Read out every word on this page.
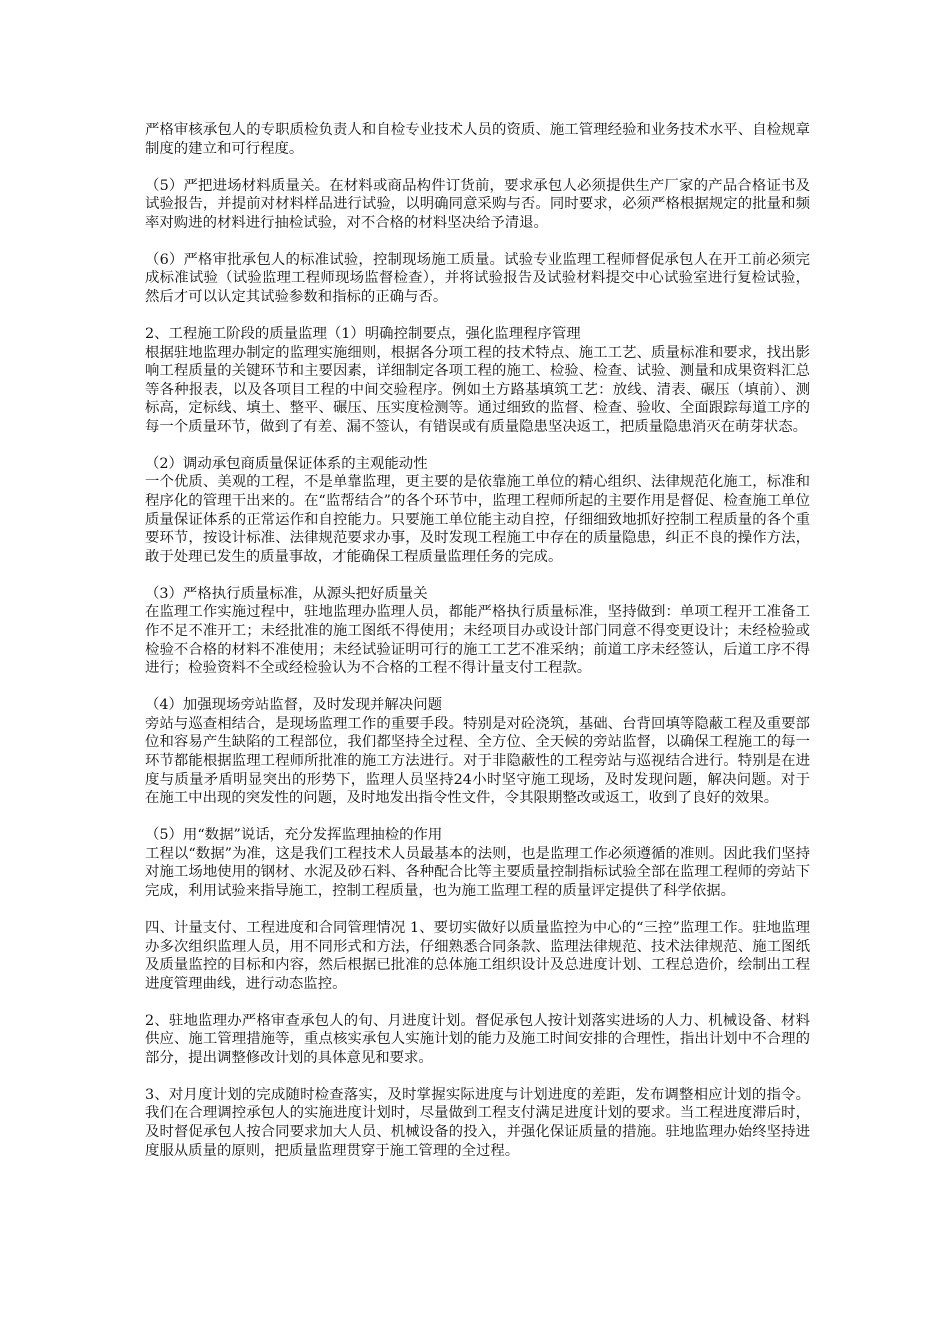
严格审核承包人的专职质检负责人和自检专业技术人员的资质、施工管理经验和业务技术水平、自检规章制度的建立和可行程度。
（5）严把进场材料质量关。在材料或商品构件订货前，要求承包人必须提供生产厂家的产品合格证书及试验报告，并提前对材料样品进行试验，以明确同意采购与否。同时要求，必须严格根据规定的批量和频率对购进的材料进行抽检试验，对不合格的材料坚决给予清退。
（6）严格审批承包人的标准试验，控制现场施工质量。试验专业监理工程师督促承包人在开工前必须完成标准试验（试验监理工程师现场监督检查），并将试验报告及试验材料提交中心试验室进行复检试验，然后才可以认定其试验参数和指标的正确与否。
2、工程施工阶段的质量监理（1）明确控制要点，强化监理程序管理
根据驻地监理办制定的监理实施细则，根据各分项工程的技术特点、施工工艺、质量标准和要求，找出影响工程质量的关键环节和主要因素，详细制定各项工程的施工、检验、检查、试验、测量和成果资料汇总等各种报表，以及各项目工程的中间交验程序。例如土方路基填筑工艺：放线、清表、碾压（填前）、测标高，定标线、填土、整平、碾压、压实度检测等。通过细致的监督、检查、验收、全面跟踪每道工序的每一个质量环节，做到了有差、漏不签认，有错误或有质量隐患坚决返工，把质量隐患消灭在萌芽状态。
（2）调动承包商质量保证体系的主观能动性
一个优质、美观的工程，不是单靠监理，更主要的是依靠施工单位的精心组织、法律规范化施工，标准和程序化的管理干出来的。在“监帮结合”的各个环节中，监理工程师所起的主要作用是督促、检查施工单位质量保证体系的正常运作和自控能力。只要施工单位能主动自控，仔细细致地抓好控制工程质量的各个重要环节，按设计标准、法律规范要求办事，及时发现工程施工中存在的质量隐患，纠正不良的操作方法，敢于处理已发生的质量事故，才能确保工程质量监理任务的完成。
（3）严格执行质量标准，从源头把好质量关
在监理工作实施过程中，驻地监理办监理人员，都能严格执行质量标准，坚持做到：单项工程开工准备工作不足不准开工；未经批准的施工图纸不得使用；未经项目办或设计部门同意不得变更设计；未经检验或检验不合格的材料不准使用；未经试验证明可行的施工工艺不准采纳；前道工序未经签认，后道工序不得进行；检验资料不全或经检验认为不合格的工程不得计量支付工程款。
（4）加强现场旁站监督，及时发现并解决问题
旁站与巡查相结合，是现场监理工作的重要手段。特别是对砼浇筑，基础、台背回填等隐蔽工程及重要部位和容易产生缺陷的工程部位，我们都坚持全过程、全方位、全天候的旁站监督，以确保工程施工的每一环节都能根据监理工程师所批准的施工方法进行。对于非隐蔽性的工程旁站与巡视结合进行。特别是在进度与质量矛盾明显突出的形势下，监理人员坚持24小时坚守施工现场，及时发现问题，解决问题。对于在施工中出现的突发性的问题，及时地发出指令性文件，令其限期整改或返工，收到了良好的效果。
（5）用“数据”说话，充分发挥监理抽检的作用
工程以“数据”为准，这是我们工程技术人员最基本的法则，也是监理工作必须遵循的准则。因此我们坚持对施工场地使用的钢材、水泥及砂石料、各种配合比等主要质量控制指标试验全部在监理工程师的旁站下完成，利用试验来指导施工，控制工程质量，也为施工监理工程的质量评定提供了科学依据。
四、计量支付、工程进度和合同管理情况 1、要切实做好以质量监控为中心的“三控”监理工作。驻地监理办多次组织监理人员，用不同形式和方法，仔细熟悉合同条款、监理法律规范、技术法律规范、施工图纸及质量监控的目标和内容，然后根据已批准的总体施工组织设计及总进度计划、工程总造价，绘制出工程进度管理曲线，进行动态监控。
2、驻地监理办严格审查承包人的旬、月进度计划。督促承包人按计划落实进场的人力、机械设备、材料供应、施工管理措施等，重点核实承包人实施计划的能力及施工时间安排的合理性，指出计划中不合理的部分，提出调整修改计划的具体意见和要求。
3、对月度计划的完成随时检查落实，及时掌握实际进度与计划进度的差距，发布调整相应计划的指令。我们在合理调控承包人的实施进度计划时，尽量做到工程支付满足进度计划的要求。当工程进度滞后时，及时督促承包人按合同要求加大人员、机械设备的投入，并强化保证质量的措施。驻地监理办始终坚持进度服从质量的原则，把质量监理贯穿于施工管理的全过程。
